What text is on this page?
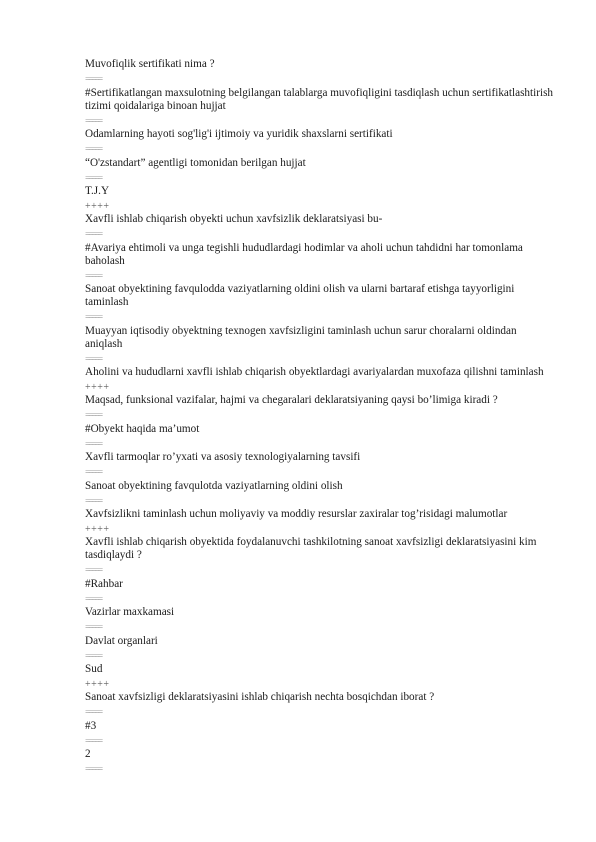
Muvofiqlik sertifikati nima ?
=====
#Sertifikatlangan maxsulotning belgilangan talablarga muvofiqligini tasdiqlash uchun sertifikatlashtirish tizimi qoidalariga binoan hujjat
=====
Odamlarning hayoti sog'lig'i ijtimoiy va yuridik shaxslarni sertifikati
=====
“O'zstandart” agentligi tomonidan berilgan hujjat
=====
T.J.Y
++++
Xavfli ishlab chiqarish obyekti uchun xavfsizlik deklaratsiyasi bu-
=====
#Avariya ehtimoli va unga tegishli hududlardagi hodimlar va aholi uchun tahdidni har tomonlama baholash
=====
Sanoat obyektining favqulodda vaziyatlarning oldini olish va ularni bartaraf etishga tayyorligini taminlash
=====
Muayyan iqtisodiy obyektning texnogen xavfsizligini taminlash uchun sarur choralarni oldindan aniqlash
=====
Aholini va hududlarni xavfli ishlab chiqarish obyektlardagi avariyalardan muxofaza qilishni taminlash
++++
Maqsad, funksional vazifalar, hajmi va chegaralari deklaratsiyaning qaysi bo’limiga kiradi ?
=====
#Obyekt haqida ma’umot
=====
Xavfli tarmoqlar ro’yxati va asosiy texnologiyalarning tavsifi
=====
Sanoat obyektining favqulotda vaziyatlarning oldini olish
=====
Xavfsizlikni taminlash uchun moliyaviy va moddiy resurslar zaxiralar tog’risidagi malumotlar
++++
Xavfli ishlab chiqarish obyektida foydalanuvchi tashkilotning sanoat xavfsizligi deklaratsiyasini kim tasdiqlaydi ?
=====
#Rahbar
=====
Vazirlar maxkamasi
=====
Davlat organlari
=====
Sud
++++
Sanoat xavfsizligi deklaratsiyasini ishlab chiqarish nechta bosqichdan iborat ?
=====
#3
=====
2
=====
